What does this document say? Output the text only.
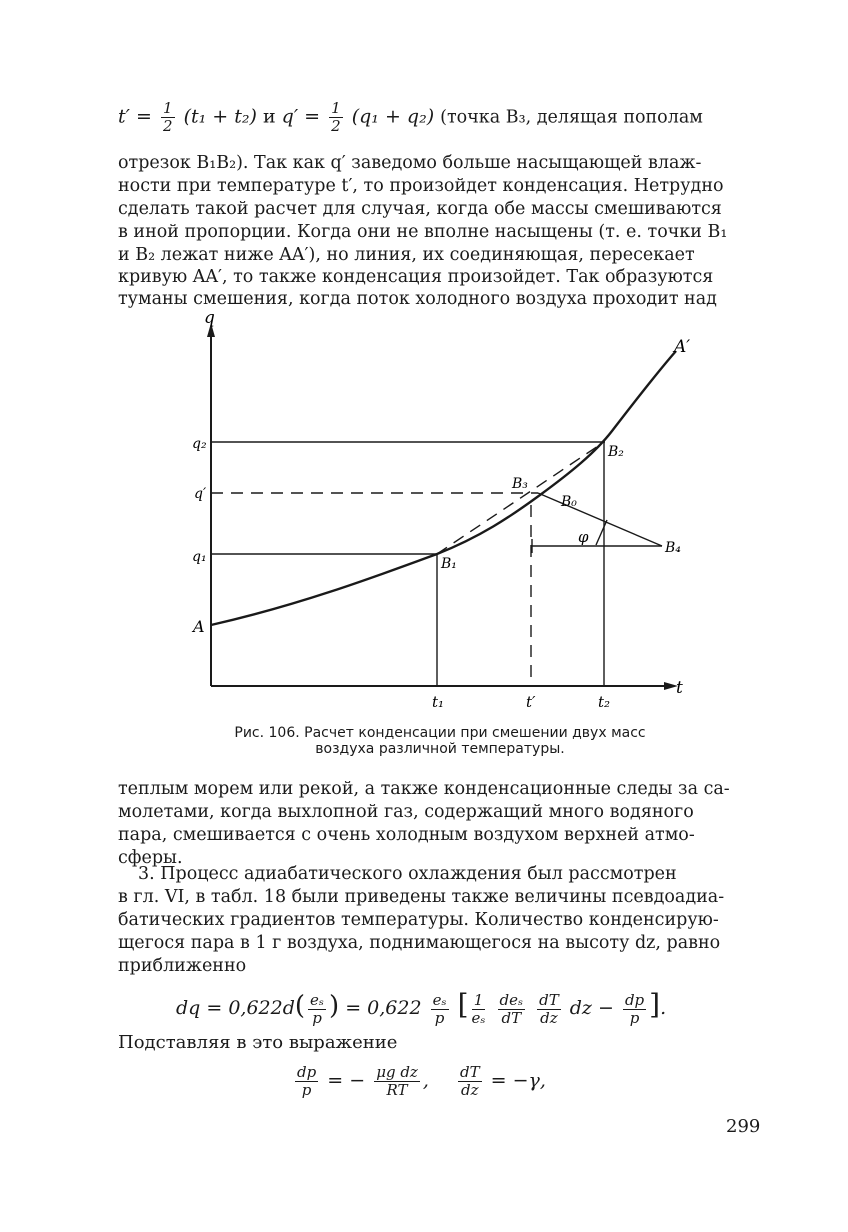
$t' = \frac{1}{2} (t_1 + t_2)$ и $q' = \frac{1}{2} (q_1 + q_2)$ (точка B₃, делящая пополам
отрезок B₁B₂). Так как q′ заведомо больше насыщающей влаж-
ности при температуре t′, то произойдет конденсация. Нетрудно
сделать такой расчет для случая, когда обе массы смешиваются
в иной пропорции. Когда они не вполне насыщены (т. е. точки B₁
и B₂ лежат ниже AA′), но линия, их соединяющая, пересекает
кривую AA′, то также конденсация произойдет. Так образуются
туманы смешения, когда поток холодного воздуха проходит над
q
t
A
A′
q₂
q′
q₁
t₁	t′	t₂
B₁
B₂
B₃
B₀
B₄
φ
Рис. 106. Расчет конденсации при смешении двух масс
воздуха различной температуры.
теплым морем или рекой, а также конденсационные следы за са-
молетами, когда выхлопной газ, содержащий много водяного
пара, смешивается с очень холодным воздухом верхней атмо-
сферы.
3. Процесс адиабатического охлаждения был рассмотрен
в гл. VI, в табл. 18 были приведены также величины псевдоадиа-
батических градиентов температуры. Количество конденсирую-
щегося пара в 1 г воздуха, поднимающегося на высоту dz, равно
приближенно
dq = $0,622d( \frac{\text{eₛ}}{p}$ ) = $0,622 \frac{\text{eₛ}}{p}$ [ $\frac{1}{\text{eₛ}}$
$\frac{\text{deₛ}}{dT}$
$\frac{dT}{dz}$ dz − $\frac{dp}{p}$ ].
Подставляя в это выражение
$\frac{dp}{p}$ = − $\frac{\text{μg dz}}{RT}$ , $\frac{dT}{dz} = -\gamma$,
299
